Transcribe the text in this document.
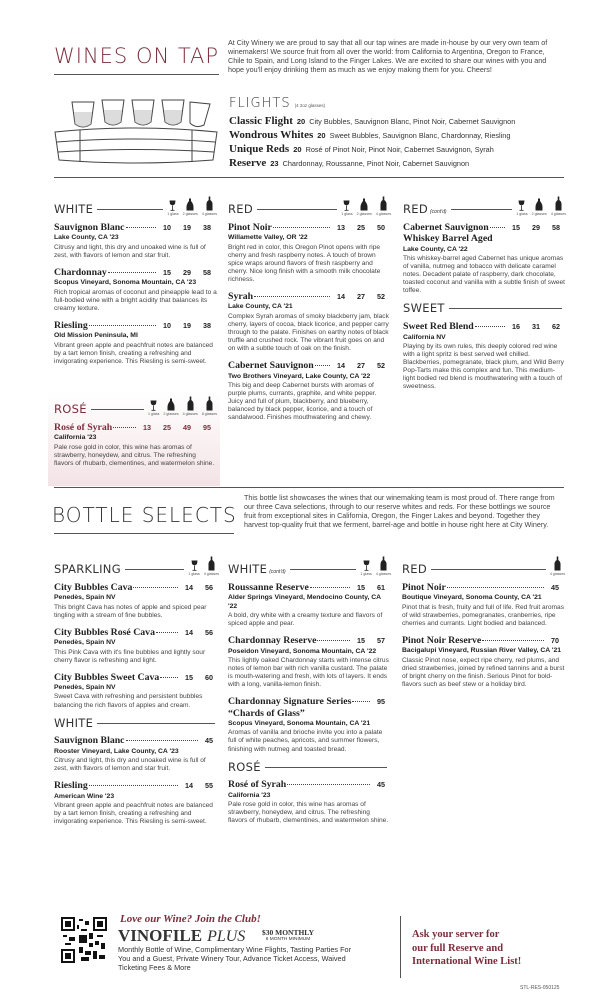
WINES ON TAP
At City Winery we are proud to say that all our tap wines are made in-house by our very own team of winemakers! We source fruit from all over the world: from California to Argentina, Oregon to France, Chile to Spain, and Long Island to the Finger Lakes. We are excited to share our wines with you and hope you'll enjoy drinking them as much as we enjoy making them for you. Cheers!
FLIGHTS (4 2oz glasses)
Classic Flight 20 City Bubbles, Sauvignon Blanc, Pinot Noir, Cabernet Sauvignon
Wondrous Whites 20 Sweet Bubbles, Sauvignon Blanc, Chardonnay, Riesling
Unique Reds 20 Rosé of Pinot Noir, Pinot Noir, Cabernet Sauvignon, Syrah
Reserve 23 Chardonnay, Roussanne, Pinot Noir, Cabernet Sauvignon
WHITE	1 glass 2 glasses 4 glasses
Sauvignon Blanc	10	19	38
Lake County, CA '23
Citrusy and light, this dry and unoaked wine is full of zest, with flavors of lemon and star fruit.
Chardonnay	15	29	58
Scopus Vineyard, Sonoma Mountain, CA '23
Rich tropical aromas of coconut and pineapple lead to a full-bodied wine with a bright acidity that balances its creamy texture.
Riesling	10	19	38
Old Mission Peninsula, MI
Vibrant green apple and peachfruit notes are balanced by a tart lemon finish, creating a refreshing and invigorating experience. This Riesling is semi-sweet.
ROSÉ	1 glass 2 glasses 4 glasses 8 glasses
Rosé of Syrah	13	25	49	95
California '23
Pale rose gold in color, this wine has aromas of strawberry, honeydew, and citrus. The refreshing flavors of rhubarb, clementines, and watermelon shine.
RED	1 glass 2 glasses 4 glasses
Pinot Noir	13	25	50
Willamette Valley, OR '22
Bright red in color, this Oregon Pinot opens with ripe cherry and fresh raspberry notes. A touch of brown spice wraps around flavors of fresh raspberry and cherry. Nice long finish with a smooth milk chocolate richness.
Syrah	14	27	52
Lake County, CA '21
Complex Syrah aromas of smoky blackberry jam, black cherry, layers of cocoa, black licorice, and pepper carry through to the palate. Finishes on earthy notes of black truffle and crushed rock. The vibrant fruit goes on and on with a subtle touch of oak on the finish.
Cabernet Sauvignon	14	27	52
Two Brothers Vineyard, Lake County, CA '22
This big and deep Cabernet bursts with aromas of purple plums, currants, graphite, and white pepper. Juicy and full of plum, blackberry, and blueberry, balanced by black pepper, licorice, and a touch of sandalwood. Finishes mouthwatering and chewy.
RED (cont'd)	1 glass 2 glasses 4 glasses
Cabernet Sauvignon	15	29	58
Whiskey Barrel Aged
Lake County, CA '22
This whiskey-barrel aged Cabernet has unique aromas of vanilla, nutmeg and tobacco with delicate caramel notes. Decadent palate of raspberry, dark chocolate, toasted coconut and vanilla with a subtle finish of sweet toffee.
SWEET
Sweet Red Blend	16	31	62
California NV
Playing by its own rules, this deeply colored red wine with a light spritz is best served well chilled. Blackberries, pomegranate, black plum, and Wild Berry Pop-Tarts make this complex and fun. This medium-light bodied red blend is mouthwatering with a touch of sweetness.
BOTTLE SELECTS
This bottle list showcases the wines that our winemaking team is most proud of. There range from our three Cava selections, through to our reserve whites and reds. For these bottlings we source fruit from exceptional sites in California, Oregon, the Finger Lakes and beyond. Together they harvest top-quality fruit that we ferment, barrel-age and bottle in house right here at City Winery.
SPARKLING	1 glass 4 glasses
City Bubbles Cava	14	56
Penedès, Spain NV
This bright Cava has notes of apple and spiced pear tingling with a stream of fine bubbles.
City Bubbles Rosé Cava	14	56
Penedès, Spain NV
This Pink Cava with it's fine bubbles and lightly sour cherry flavor is refreshing and light.
City Bubbles Sweet Cava	15	60
Penedès, Spain NV
Sweet Cava with refreshing and persistent bubbles balancing the rich flavors of apples and cream.
WHITE
Sauvignon Blanc	45
Rooster Vineyard, Lake County, CA '23
Citrusy and light, this dry and unoaked wine is full of zest, with flavors of lemon and star fruit.
Riesling	14	55
American Wine '23
Vibrant green apple and peachfruit notes are balanced by a tart lemon finish, creating a refreshing and invigorating experience. This Riesling is semi-sweet.
WHITE (cont'd)	1 glass 4 glasses
Roussanne Reserve	15	61
Alder Springs Vineyard, Mendocino County, CA '22
A bold, dry white with a creamy texture and flavors of spiced apple and pear.
Chardonnay Reserve	15	57
Poseidon Vineyard, Sonoma Mountain, CA '22
This lightly oaked Chardonnay starts with intense citrus notes of lemon bar with rich vanilla custard. The palate is mouth-watering and fresh, with lots of layers. It ends with a long, vanilla-lemon finish.
Chardonnay Signature Series	95
“Chards of Glass”
Scopus Vineyard, Sonoma Mountain, CA '21
Aromas of vanilla and brioche invite you into a palate full of white peaches, apricots, and summer flowers, finishing with nutmeg and toasted bread.
ROSÉ
Rosé of Syrah	45
California '23
Pale rose gold in color, this wine has aromas of strawberry, honeydew, and citrus. The refreshing flavors of rhubarb, clementines, and watermelon shine.
RED	4 glasses
Pinot Noir	45
Boutique Vineyard, Sonoma County, CA '21
Pinot that is fresh, fruity and full of life. Red fruit aromas of wild strawberries, pomegranates, cranberries, ripe cherries and currants. Light bodied and balanced.
Pinot Noir Reserve	70
Bacigalupi Vineyard, Russian River Valley, CA '21
Classic Pinot nose, expect ripe cherry, red plums, and dried strawberries, joined by refined tannins and a burst of bright cherry on the finish. Serious Pinot for bold-flavors such as beef stew or a holiday bird.
Love our Wine? Join the Club!
VINOFILE PLUS $30 MONTHLY
6 MONTH MINIMUM
Monthly Bottle of Wine, Complimentary Wine Flights, Tasting Parties For You and a Guest, Private Winery Tour, Advance Ticket Access, Waived Ticketing Fees & More
Ask your server for
our full Reserve and
International Wine List!
STL-RES-050125
